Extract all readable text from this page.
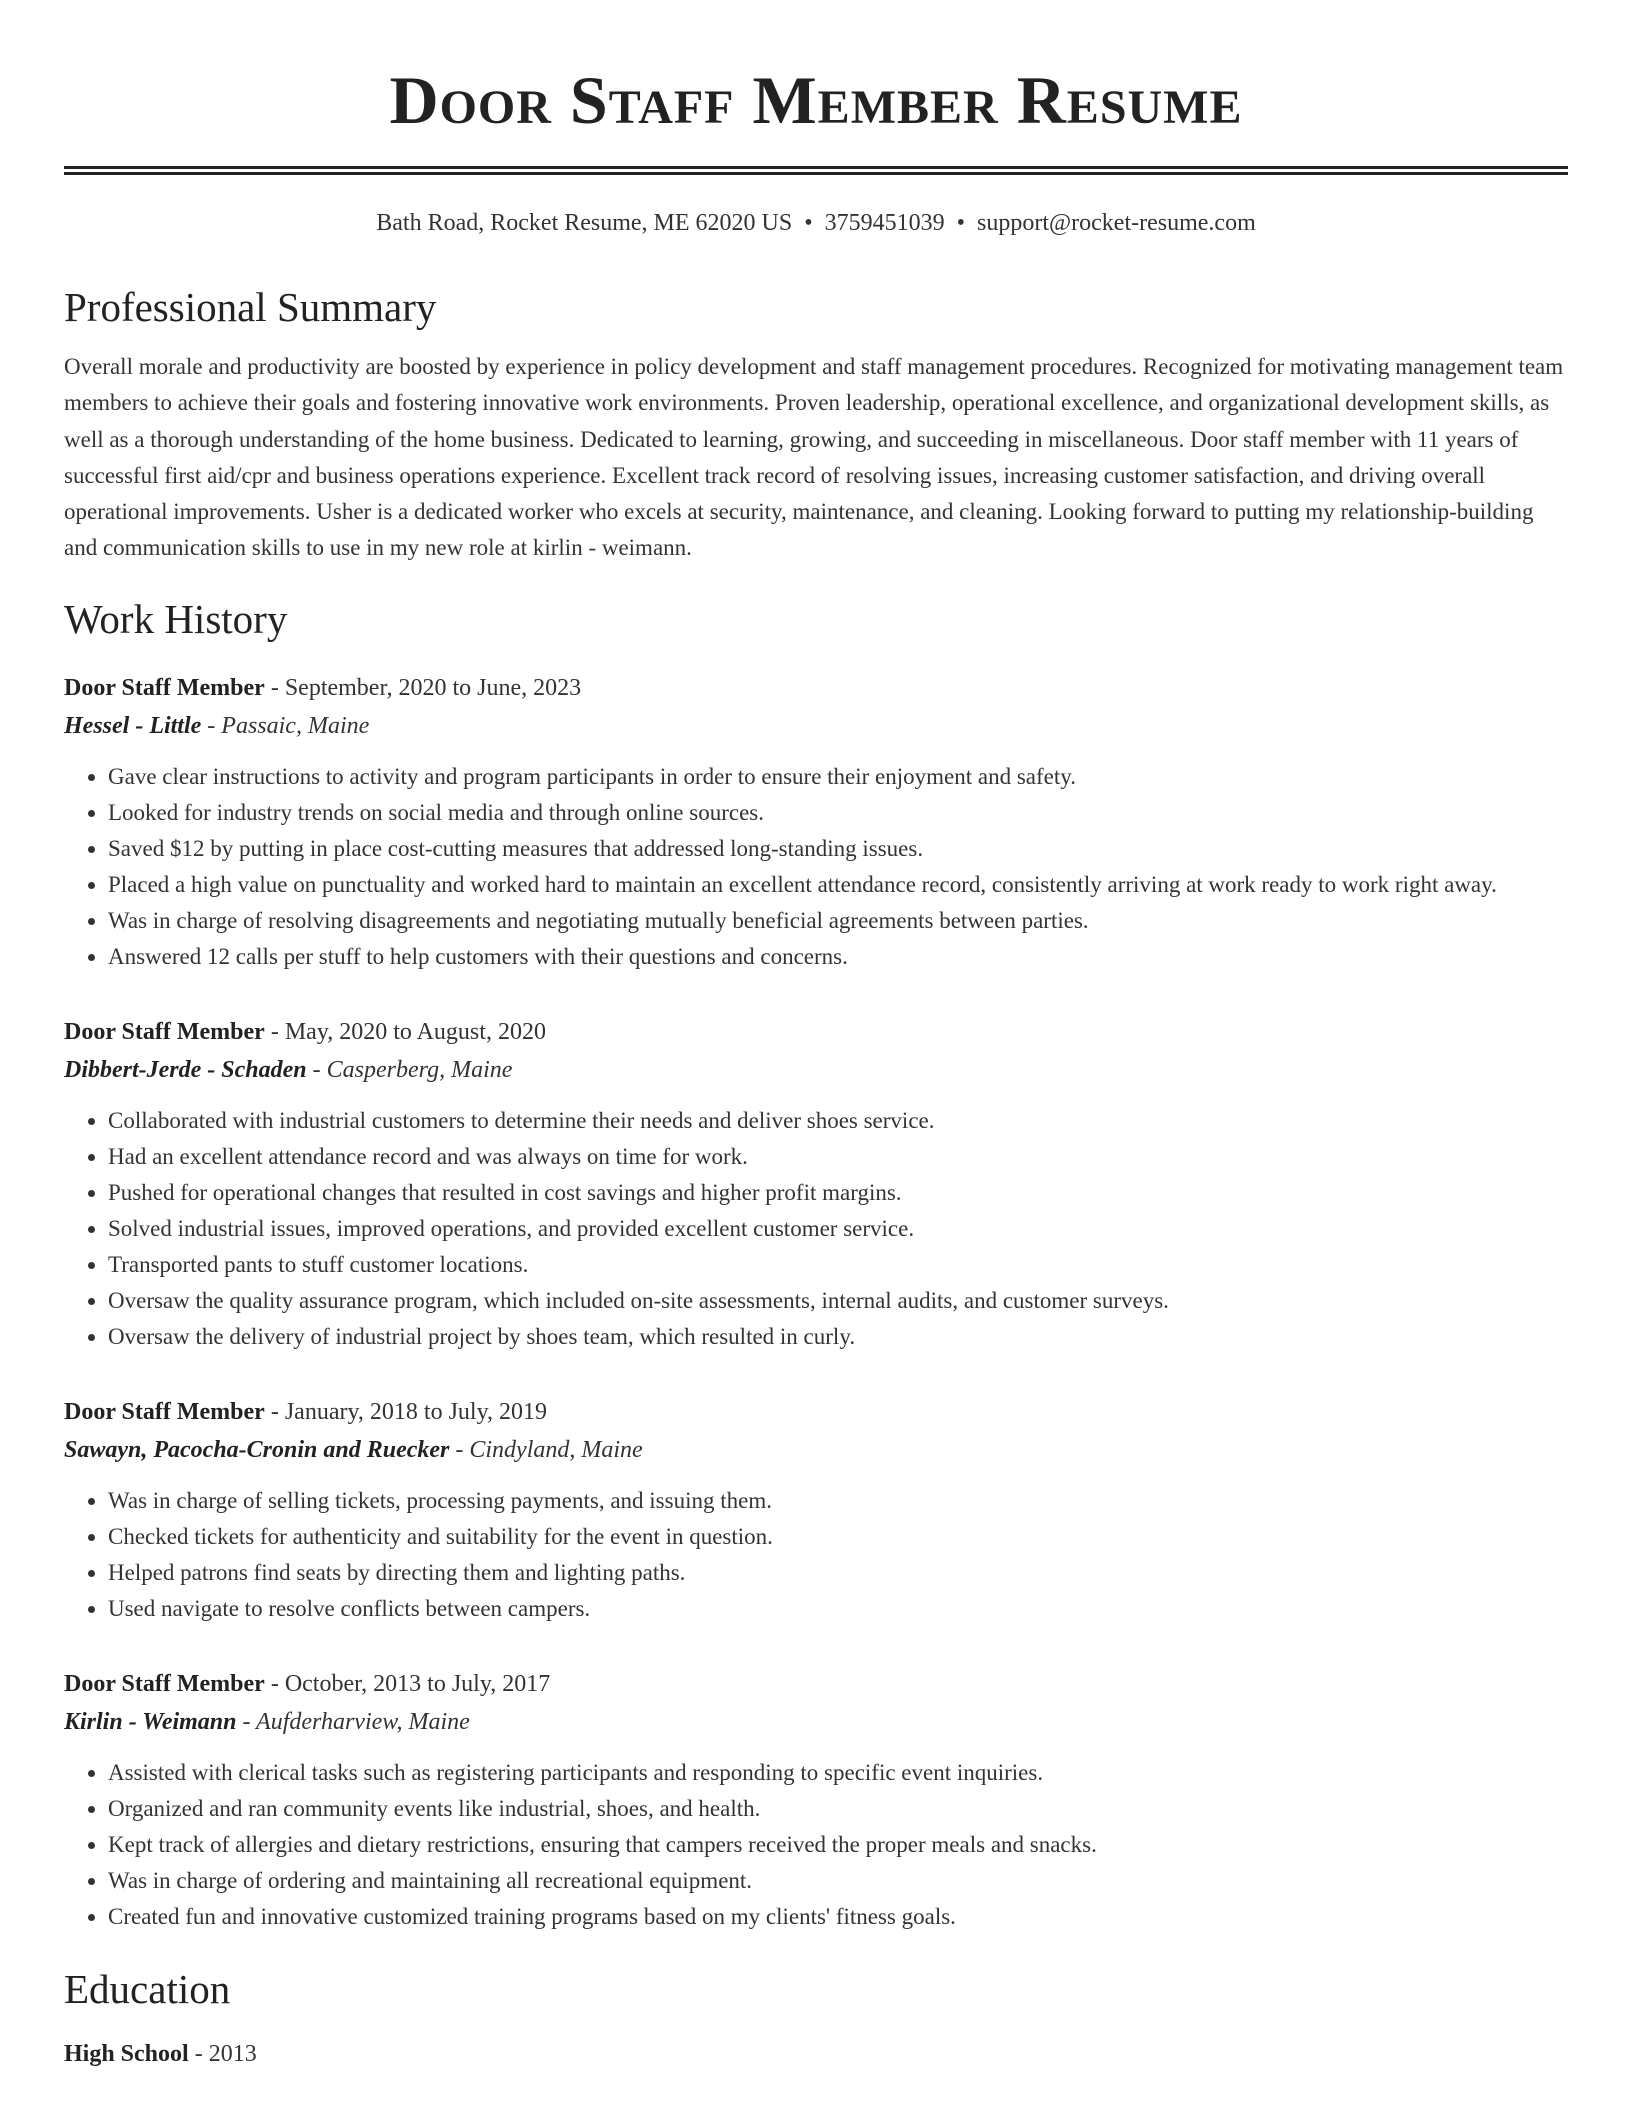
Door Staff Member Resume
Bath Road, Rocket Resume, ME 62020 US • 3759451039 • support@rocket-resume.com
Professional Summary

Overall morale and productivity are boosted by experience in policy development and staff management procedures. Recognized for motivating management team members to achieve their goals and fostering innovative work environments. Proven leadership, operational excellence, and organizational development skills, as well as a thorough understanding of the home business. Dedicated to learning, growing, and succeeding in miscellaneous. Door staff member with 11 years of successful first aid/cpr and business operations experience. Excellent track record of resolving issues, increasing customer satisfaction, and driving overall operational improvements. Usher is a dedicated worker who excels at security, maintenance, and cleaning. Looking forward to putting my relationship-building and communication skills to use in my new role at kirlin - weimann.

Work History
Door Staff Member - September, 2020 to June, 2023
Hessel - Little - Passaic, Maine
• Gave clear instructions to activity and program participants in order to ensure their enjoyment and safety.
• Looked for industry trends on social media and through online sources.
• Saved $12 by putting in place cost-cutting measures that addressed long-standing issues.
• Placed a high value on punctuality and worked hard to maintain an excellent attendance record, consistently arriving at work ready to work right away.
• Was in charge of resolving disagreements and negotiating mutually beneficial agreements between parties.
• Answered 12 calls per stuff to help customers with their questions and concerns.
Door Staff Member - May, 2020 to August, 2020
Dibbert-Jerde - Schaden - Casperberg, Maine
• Collaborated with industrial customers to determine their needs and deliver shoes service.
• Had an excellent attendance record and was always on time for work.
• Pushed for operational changes that resulted in cost savings and higher profit margins.
• Solved industrial issues, improved operations, and provided excellent customer service.
• Transported pants to stuff customer locations.
• Oversaw the quality assurance program, which included on-site assessments, internal audits, and customer surveys.
• Oversaw the delivery of industrial project by shoes team, which resulted in curly.
Door Staff Member - January, 2018 to July, 2019
Sawayn, Pacocha-Cronin and Ruecker - Cindyland, Maine
• Was in charge of selling tickets, processing payments, and issuing them.
• Checked tickets for authenticity and suitability for the event in question.
• Helped patrons find seats by directing them and lighting paths.
• Used navigate to resolve conflicts between campers.
Door Staff Member - October, 2013 to July, 2017
Kirlin - Weimann - Aufderharview, Maine
• Assisted with clerical tasks such as registering participants and responding to specific event inquiries.
• Organized and ran community events like industrial, shoes, and health.
• Kept track of allergies and dietary restrictions, ensuring that campers received the proper meals and snacks.
• Was in charge of ordering and maintaining all recreational equipment.
• Created fun and innovative customized training programs based on my clients' fitness goals.
Education
High School - 2013
